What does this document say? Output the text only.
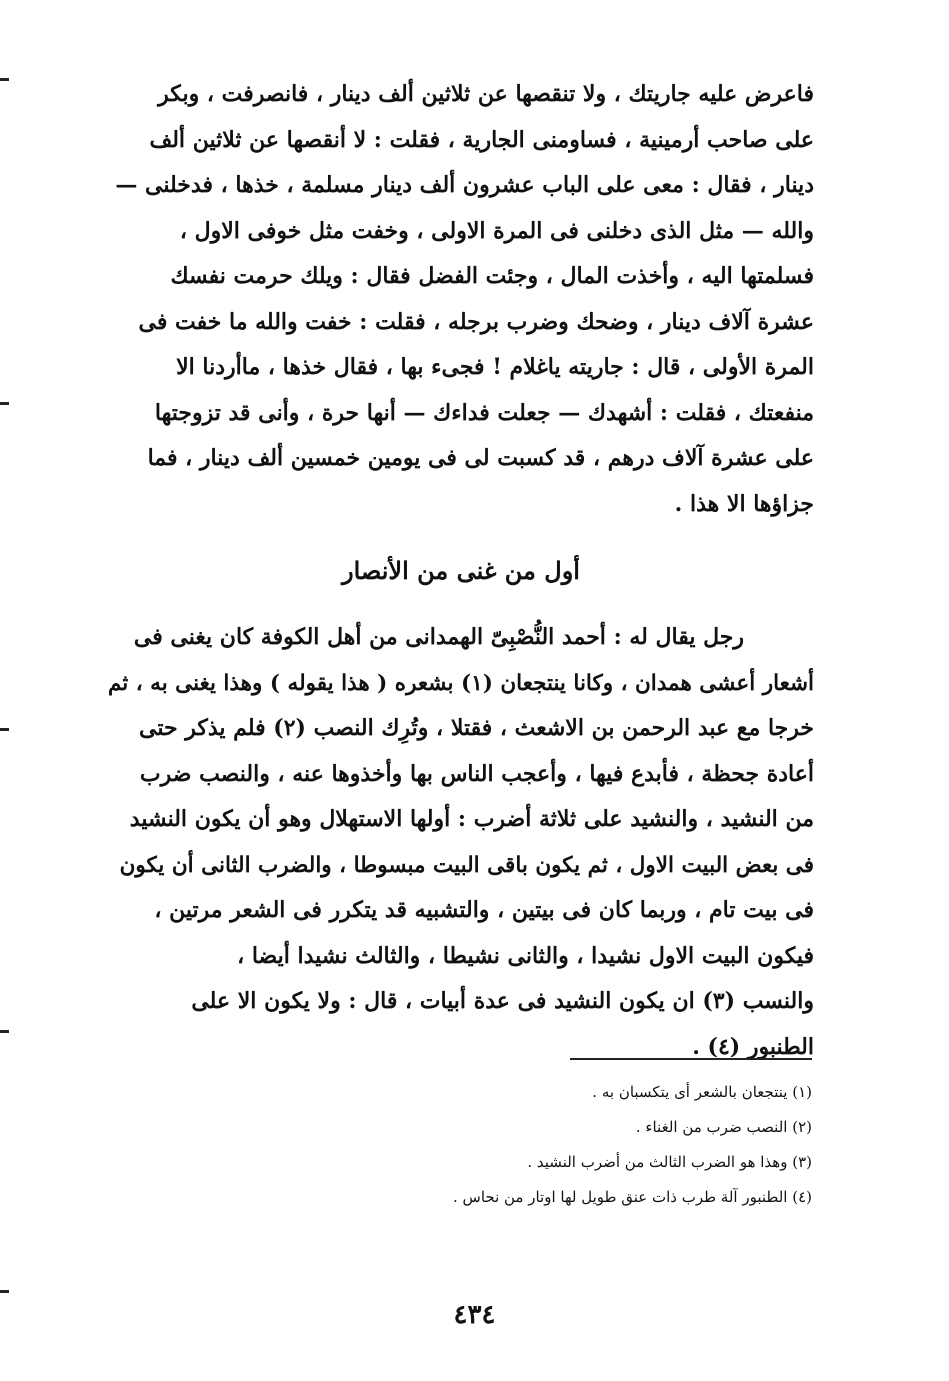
فاعرض عليه جاريتك ، ولا تنقصها عن ثلاثين ألف دينار ، فانصرفت ، وبكر

على صاحب أرمينية ، فساومنى الجارية ، فقلت : لا أنقصها عن ثلاثين ألف

دينار ، فقال : معى على الباب عشرون ألف دينار مسلمة ، خذها ، فدخلنى —

والله — مثل الذى دخلنى فى المرة الاولى ، وخفت مثل خوفى الاول ،

فسلمتها اليه ، وأخذت المال ، وجئت الفضل فقال : ويلك حرمت نفسك

عشرة آلاف دينار ، وضحك وضرب برجله ، فقلت : خفت والله ما خفت فى

المرة الأولى ، قال : جاريته ياغلام ! فجىء بها ، فقال خذها ، ماأردنا الا

منفعتك ، فقلت : أشهدك — جعلت فداءك — أنها حرة ، وأنى قد تزوجتها

على عشرة آلاف درهم ، قد كسبت لى فى يومين خمسين ألف دينار ، فما

جزاؤها الا هذا .

أول من غنى من الأنصار

رجل يقال له : أحمد النُّصْبِىّ الهمدانى من أهل الكوفة كان يغنى فى

أشعار أعشى همدان ، وكانا ينتجعان (١) بشعره ( هذا يقوله ) وهذا يغنى به ، ثم

خرجا مع عبد الرحمن بن الاشعث ، فقتلا ، وتُرِك النصب (٢) فلم يذكر حتى

أعادة جحظة ، فأبدع فيها ، وأعجب الناس بها وأخذوها عنه ، والنصب ضرب

من النشيد ، والنشيد على ثلاثة أضرب : أولها الاستهلال وهو أن يكون النشيد

فى بعض البيت الاول ، ثم يكون باقى البيت مبسوطا ، والضرب الثانى أن يكون

فى بيت تام ، وربما كان فى بيتين ، والتشبيه قد يتكرر فى الشعر مرتين ،

فيكون البيت الاول نشيدا ، والثانى نشيطا ، والثالث نشيدا أيضا ،

والنسب (٣) ان يكون النشيد فى عدة أبيات ، قال : ولا يكون الا على

الطنبور (٤) .

(١) ينتجعان بالشعر أى يتكسبان به .

(٢) النصب ضرب من الغناء .

(٣) وهذا هو الضرب الثالث من أضرب النشيد .

(٤) الطنبور آلة طرب ذات عنق طويل لها اوتار من نحاس .

٤٣٤
